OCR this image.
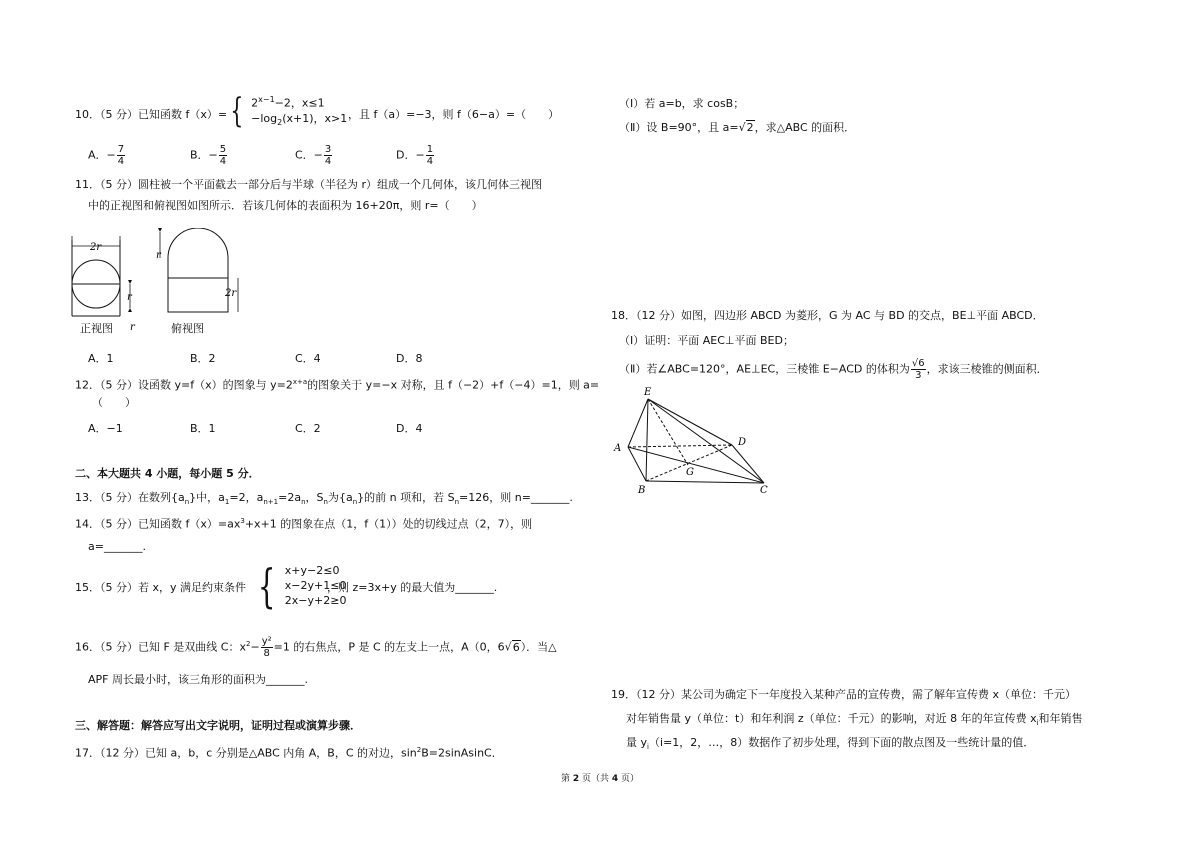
10．（5 分）已知函数 f（x）= { $2^{x-1}-2$，x≤1
$-\log_2(x+1)$，x>1 ，且 f（a）=−3，则 f（6−a）=（　　）
A．− $\frac{7}{4}$	B．− $\frac{5}{4}$	C．− $\frac{3}{4}$	D．− $\frac{1}{4}$
11．（5 分）圆柱被一个平面截去一部分后与半球（半径为 r）组成一个几何体，该几何体三视图
中的正视图和俯视图如图所示．若该几何体的表面积为 16+20π，则 r=（　　）
2r
r
r
2r
r
正视图	俯视图
A．1	B．2	C．4	D．8
12．（5 分）设函数 y=f（x）的图象与 $y=2^{x+a}$的图象关于 y=−x 对称，且 f（−2）+f（−4）=1，则 a=
（　　）
A．−1	B．1	C．2	D．4
二、本大题共 4 小题，每小题 5 分．
13．（5 分）在数列$\{a_n\}$中，$a_1=2$，$a_{n+1}=2a_n$，$S_n$为$\{a_n\}$的前 n 项和，若 $S_n=126$，则 n=_______.
14．（5 分）已知函数 $f(x)=ax^3+x+1$ 的图象在点（1，f（1））处的切线过点（2，7），则
a=_______.
15．（5 分）若 x，y 满足约束条件 { x+y−2≤0
x−2y+1≤0
2x−y+2≥0
，则 z=3x+y 的最大值为_______.
16．（5 分）已知 F 是双曲线 C：$x^2- \frac{\text{y²}}{8} =1$ 的右焦点，P 是 C 的左支上一点，A（0，6√6）．当△
APF 周长最小时，该三角形的面积为_______.
三、解答题：解答应写出文字说明，证明过程或演算步骤．
17．（12 分）已知 a，b，c 分别是△ABC 内角 A，B，C 的对边，$\sin^2B=2sinAsinC$．
（Ⅰ）若 a=b，求 cosB；
（Ⅱ）设 B=90°，且 a=√2，求△ABC 的面积．
18．（12 分）如图，四边形 ABCD 为菱形，G 为 AC 与 BD 的交点，BE⊥平面 ABCD．
（Ⅰ）证明：平面 AEC⊥平面 BED；
（Ⅱ）若∠ABC=120°，AE⊥EC，三棱锥 E−ACD 的体积为 $\frac{√6}{3}$ ，求该三棱锥的侧面积．
E
A
B	C
D
G
19．（12 分）某公司为确定下一年度投入某种产品的宣传费，需了解年宣传费 x（单位：千元）
对年销售量 y（单位：t）和年利润 z（单位：千元）的影响，对近 8 年的年宣传费 $x_i$和年销售
量 $y_i(i=1$，2，…，8）数据作了初步处理，得到下面的散点图及一些统计量的值．
第 2 页（共 4 页）
